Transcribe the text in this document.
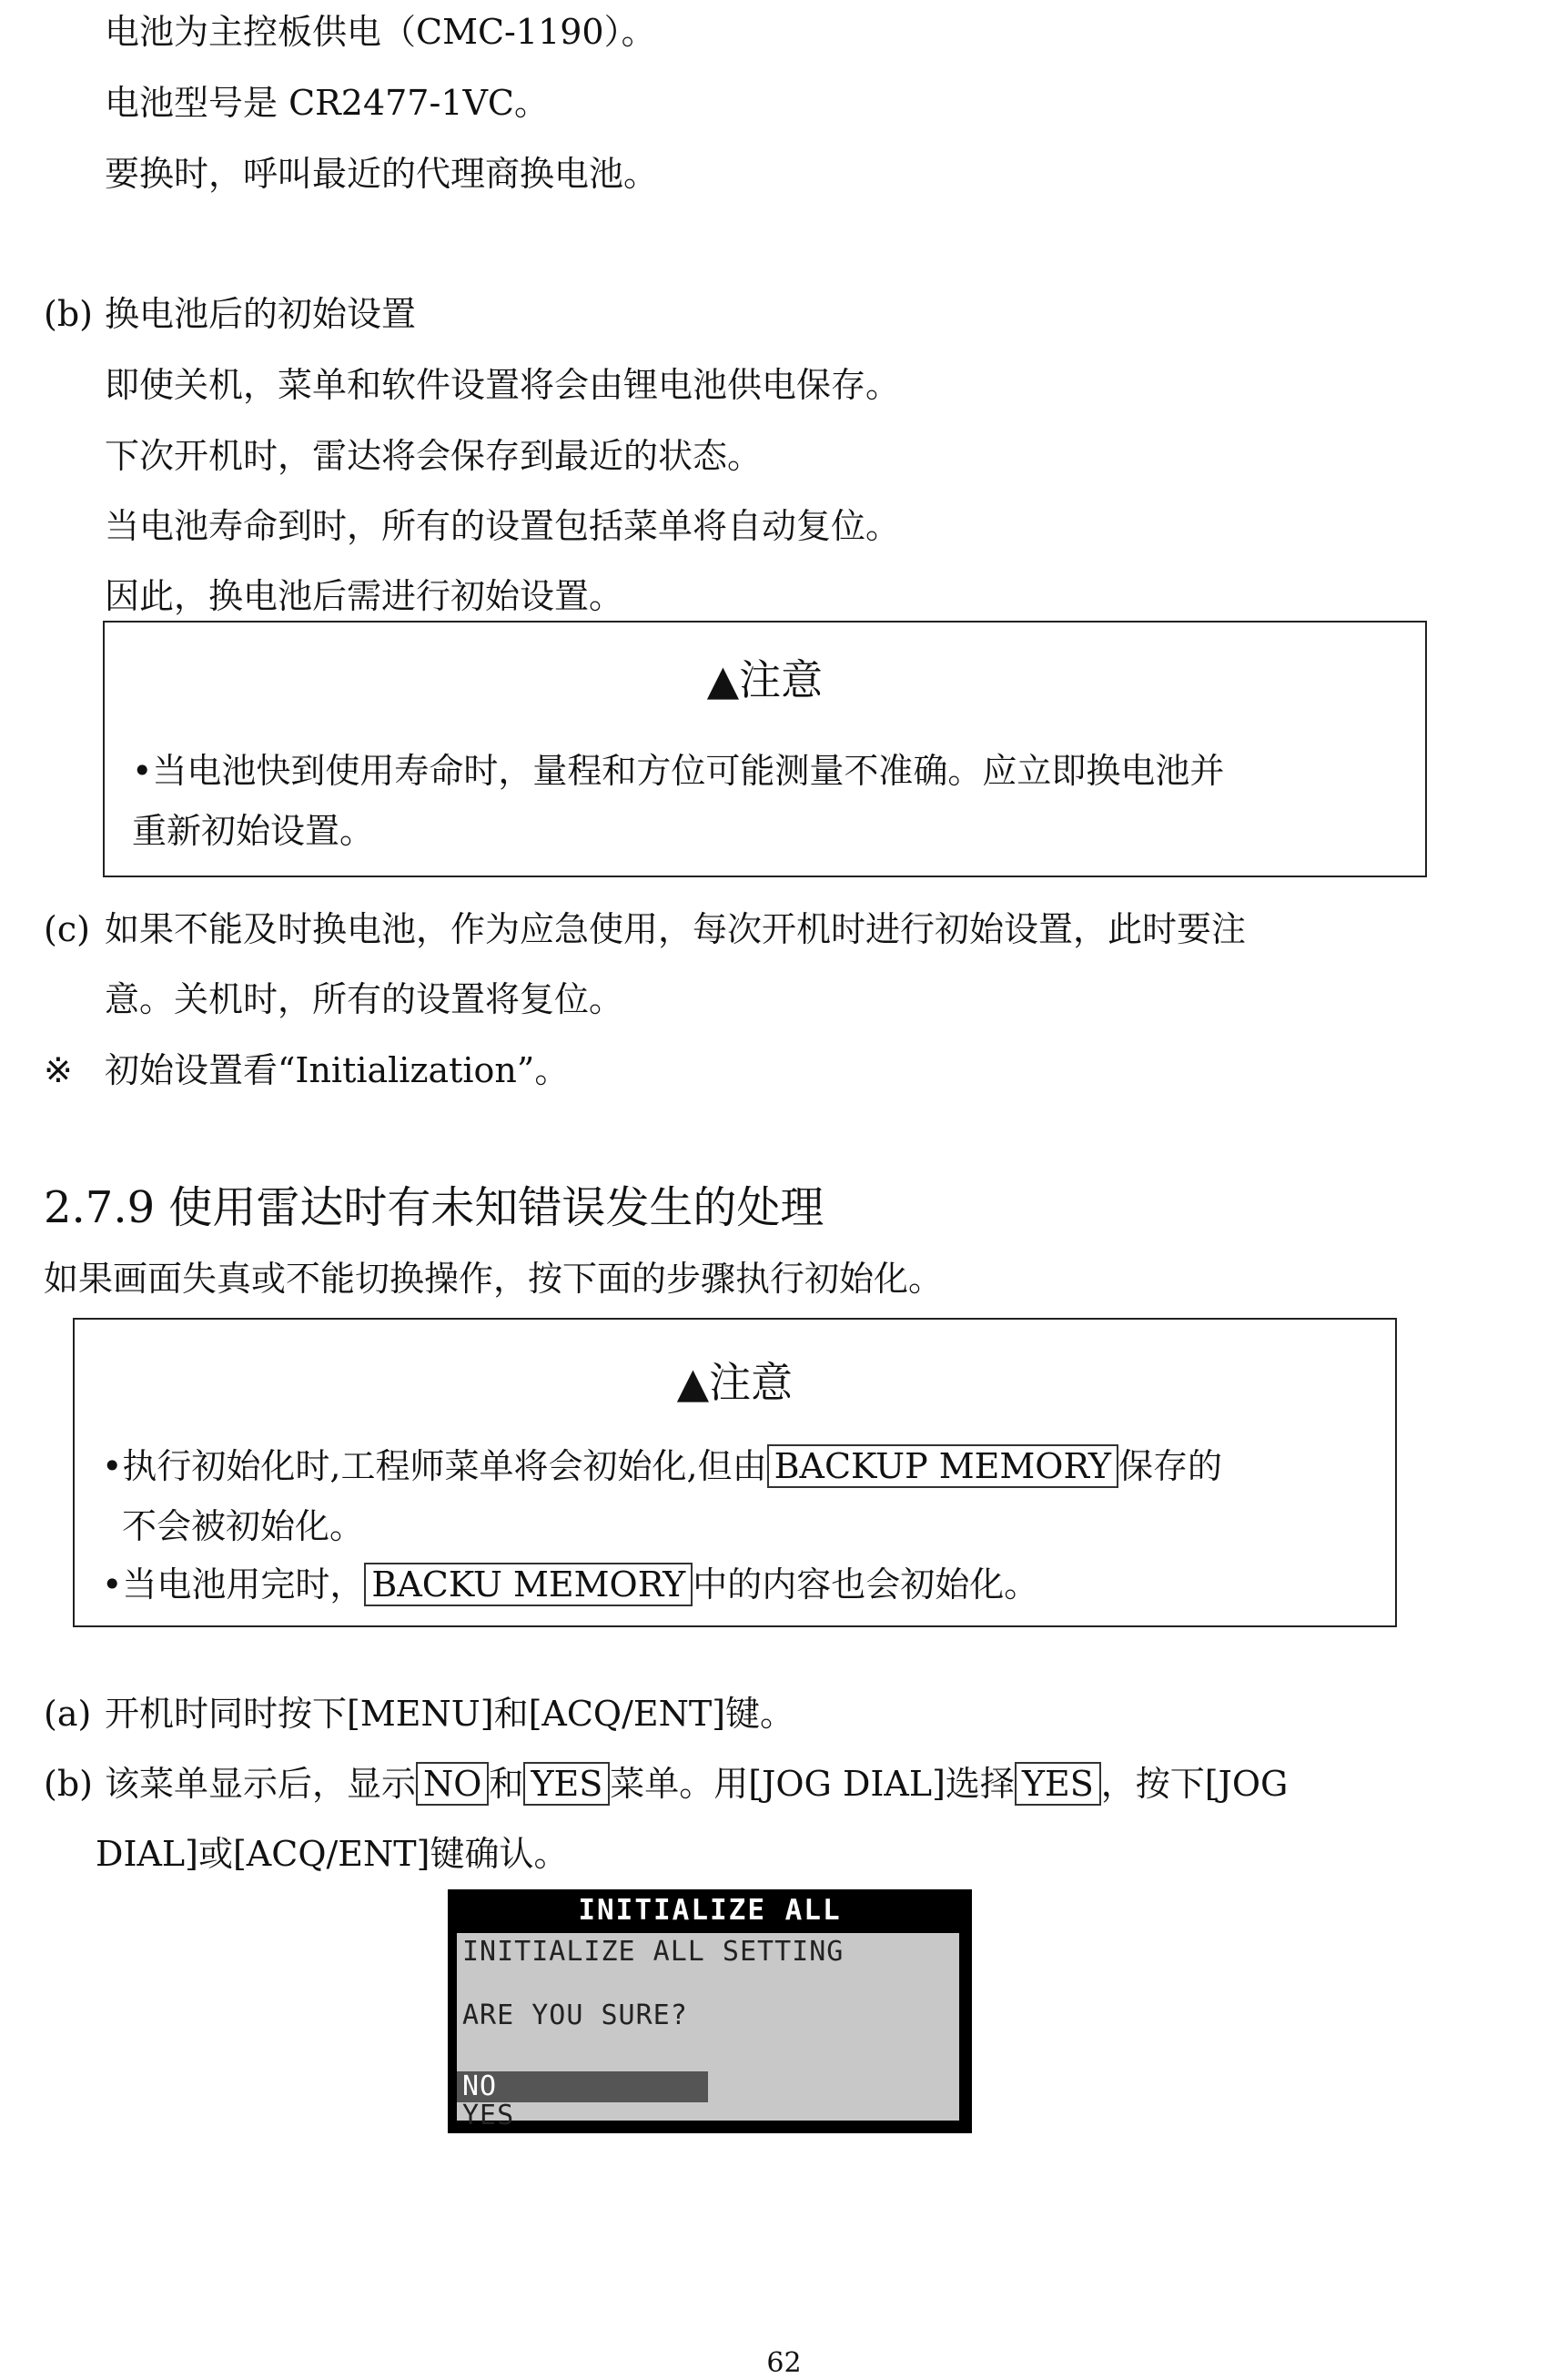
电池为主控板供电（CMC-1190）。
电池型号是 CR2477-1VC。
要换时，呼叫最近的代理商换电池。
(b) 换电池后的初始设置
即使关机，菜单和软件设置将会由锂电池供电保存。
下次开机时，雷达将会保存到最近的状态。
当电池寿命到时，所有的设置包括菜单将自动复位。
因此，换电池后需进行初始设置。
▲注意
•当电池快到使用寿命时，量程和方位可能测量不准确。应立即换电池并
重新初始设置。
(c) 如果不能及时换电池，作为应急使用，每次开机时进行初始设置，此时要注
意。关机时，所有的设置将复位。
※ 初始设置看“Initialization”。
2.7.9 使用雷达时有未知错误发生的处理
如果画面失真或不能切换操作，按下面的步骤执行初始化。
▲注意
•执行初始化时,工程师菜单将会初始化,但由 BACKUP MEMORY 保存的
不会被初始化。
•当电池用完时， BACKU MEMORY 中的内容也会初始化。
(a) 开机时同时按下[MENU]和[ACQ/ENT]键。
(b) 该菜单显示后，显示 NO 和 YES 菜单。用[JOG DIAL]选择 YES ，按下[JOG
DIAL]或[ACQ/ENT]键确认。
INITIALIZE ALL
INITIALIZE ALL SETTING
ARE YOU SURE?
NO
YES
62
